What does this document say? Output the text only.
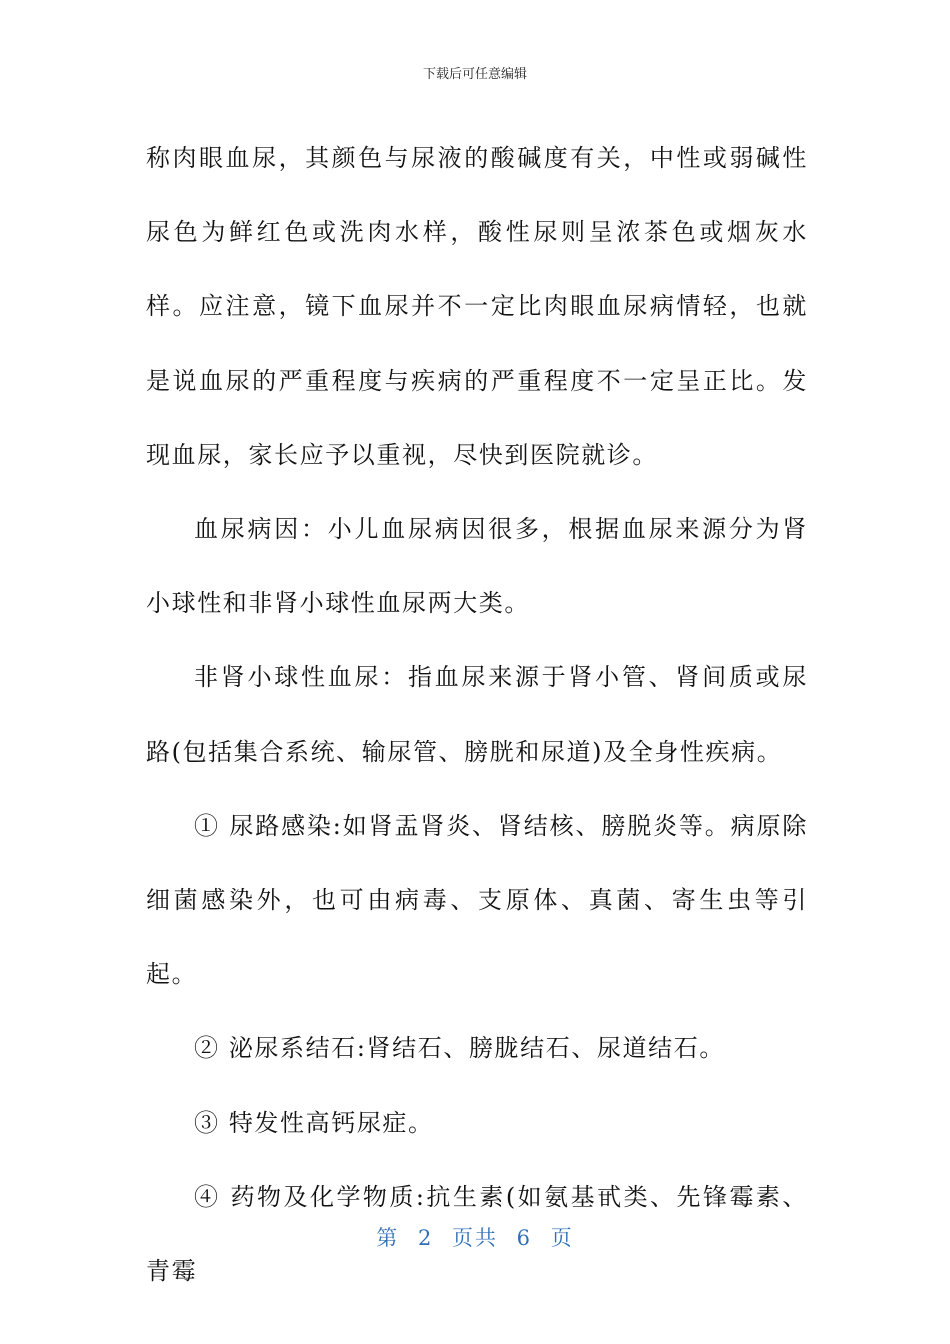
下载后可任意编辑

称肉眼血尿，其颜色与尿液的酸碱度有关，中性或弱碱性尿色为鲜红色或洗肉水样，酸性尿则呈浓茶色或烟灰水样。应注意，镜下血尿并不一定比肉眼血尿病情轻，也就是说血尿的严重程度与疾病的严重程度不一定呈正比。发现血尿，家长应予以重视，尽快到医院就诊。

血尿病因：小儿血尿病因很多，根据血尿来源分为肾小球性和非肾小球性血尿两大类。

非肾小球性血尿：指血尿来源于肾小管、肾间质或尿路(包括集合系统、输尿管、膀胱和尿道)及全身性疾病。

① 尿路感染:如肾盂肾炎、肾结核、膀脱炎等。病原除细菌感染外，也可由病毒、支原体、真菌、寄生虫等引起。

② 泌尿系结石:肾结石、膀胧结石、尿道结石。

③ 特发性高钙尿症。

④ 药物及化学物质:抗生素(如氨基甙类、先锋霉素、青霉

第 2 页共 6 页
